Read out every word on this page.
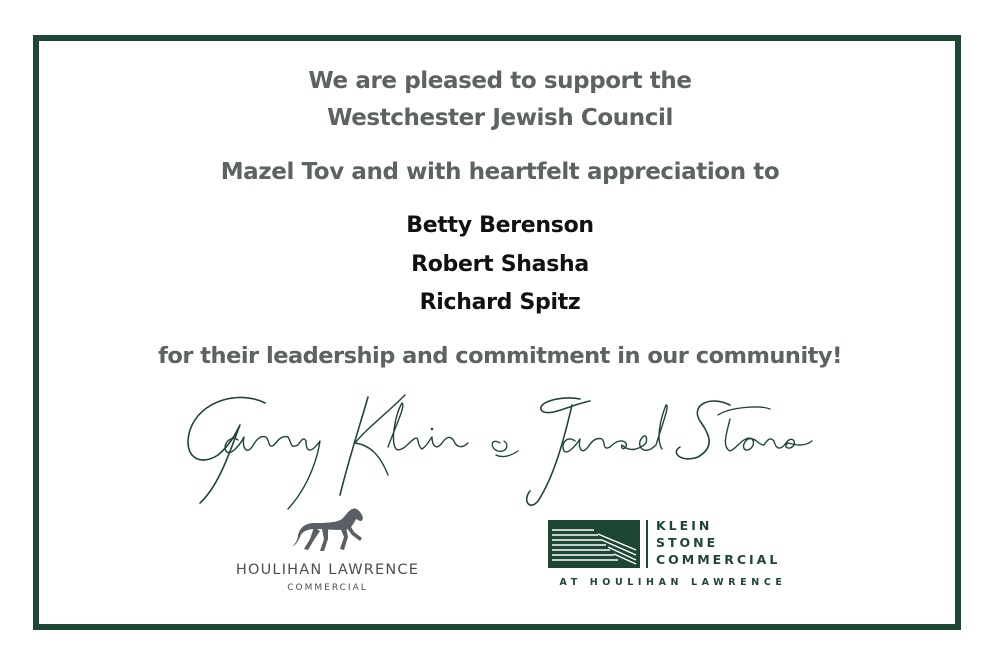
We are pleased to support the
Westchester Jewish Council
Mazel Tov and with heartfelt appreciation to
Betty Berenson
Robert Shasha
Richard Spitz
for their leadership and commitment in our community!
HOULIHAN LAWRENCE
COMMERCIAL
KLEIN
STONE
COMMERCIAL
AT HOULIHAN LAWRENCE
